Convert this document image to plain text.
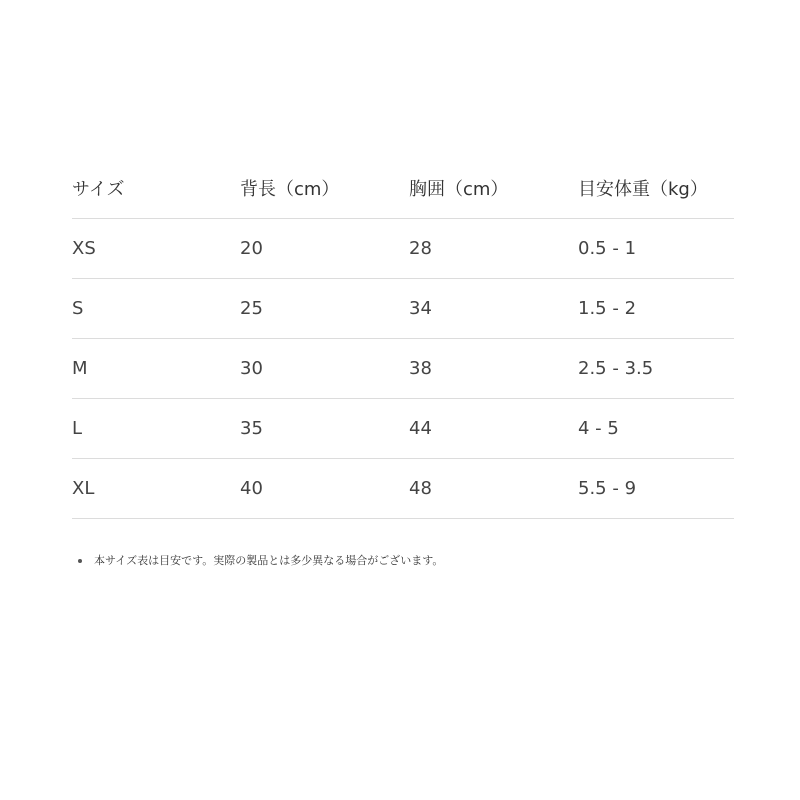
サイズ	背長（cm）	胸囲（cm）	目安体重（kg）
XS	20	28	0.5 - 1
S	25	34	1.5 - 2
M	30	38	2.5 - 3.5
L	35	44	4 - 5
XL	40	48	5.5 - 9
本サイズ表は目安です。実際の製品とは多少異なる場合がございます。
